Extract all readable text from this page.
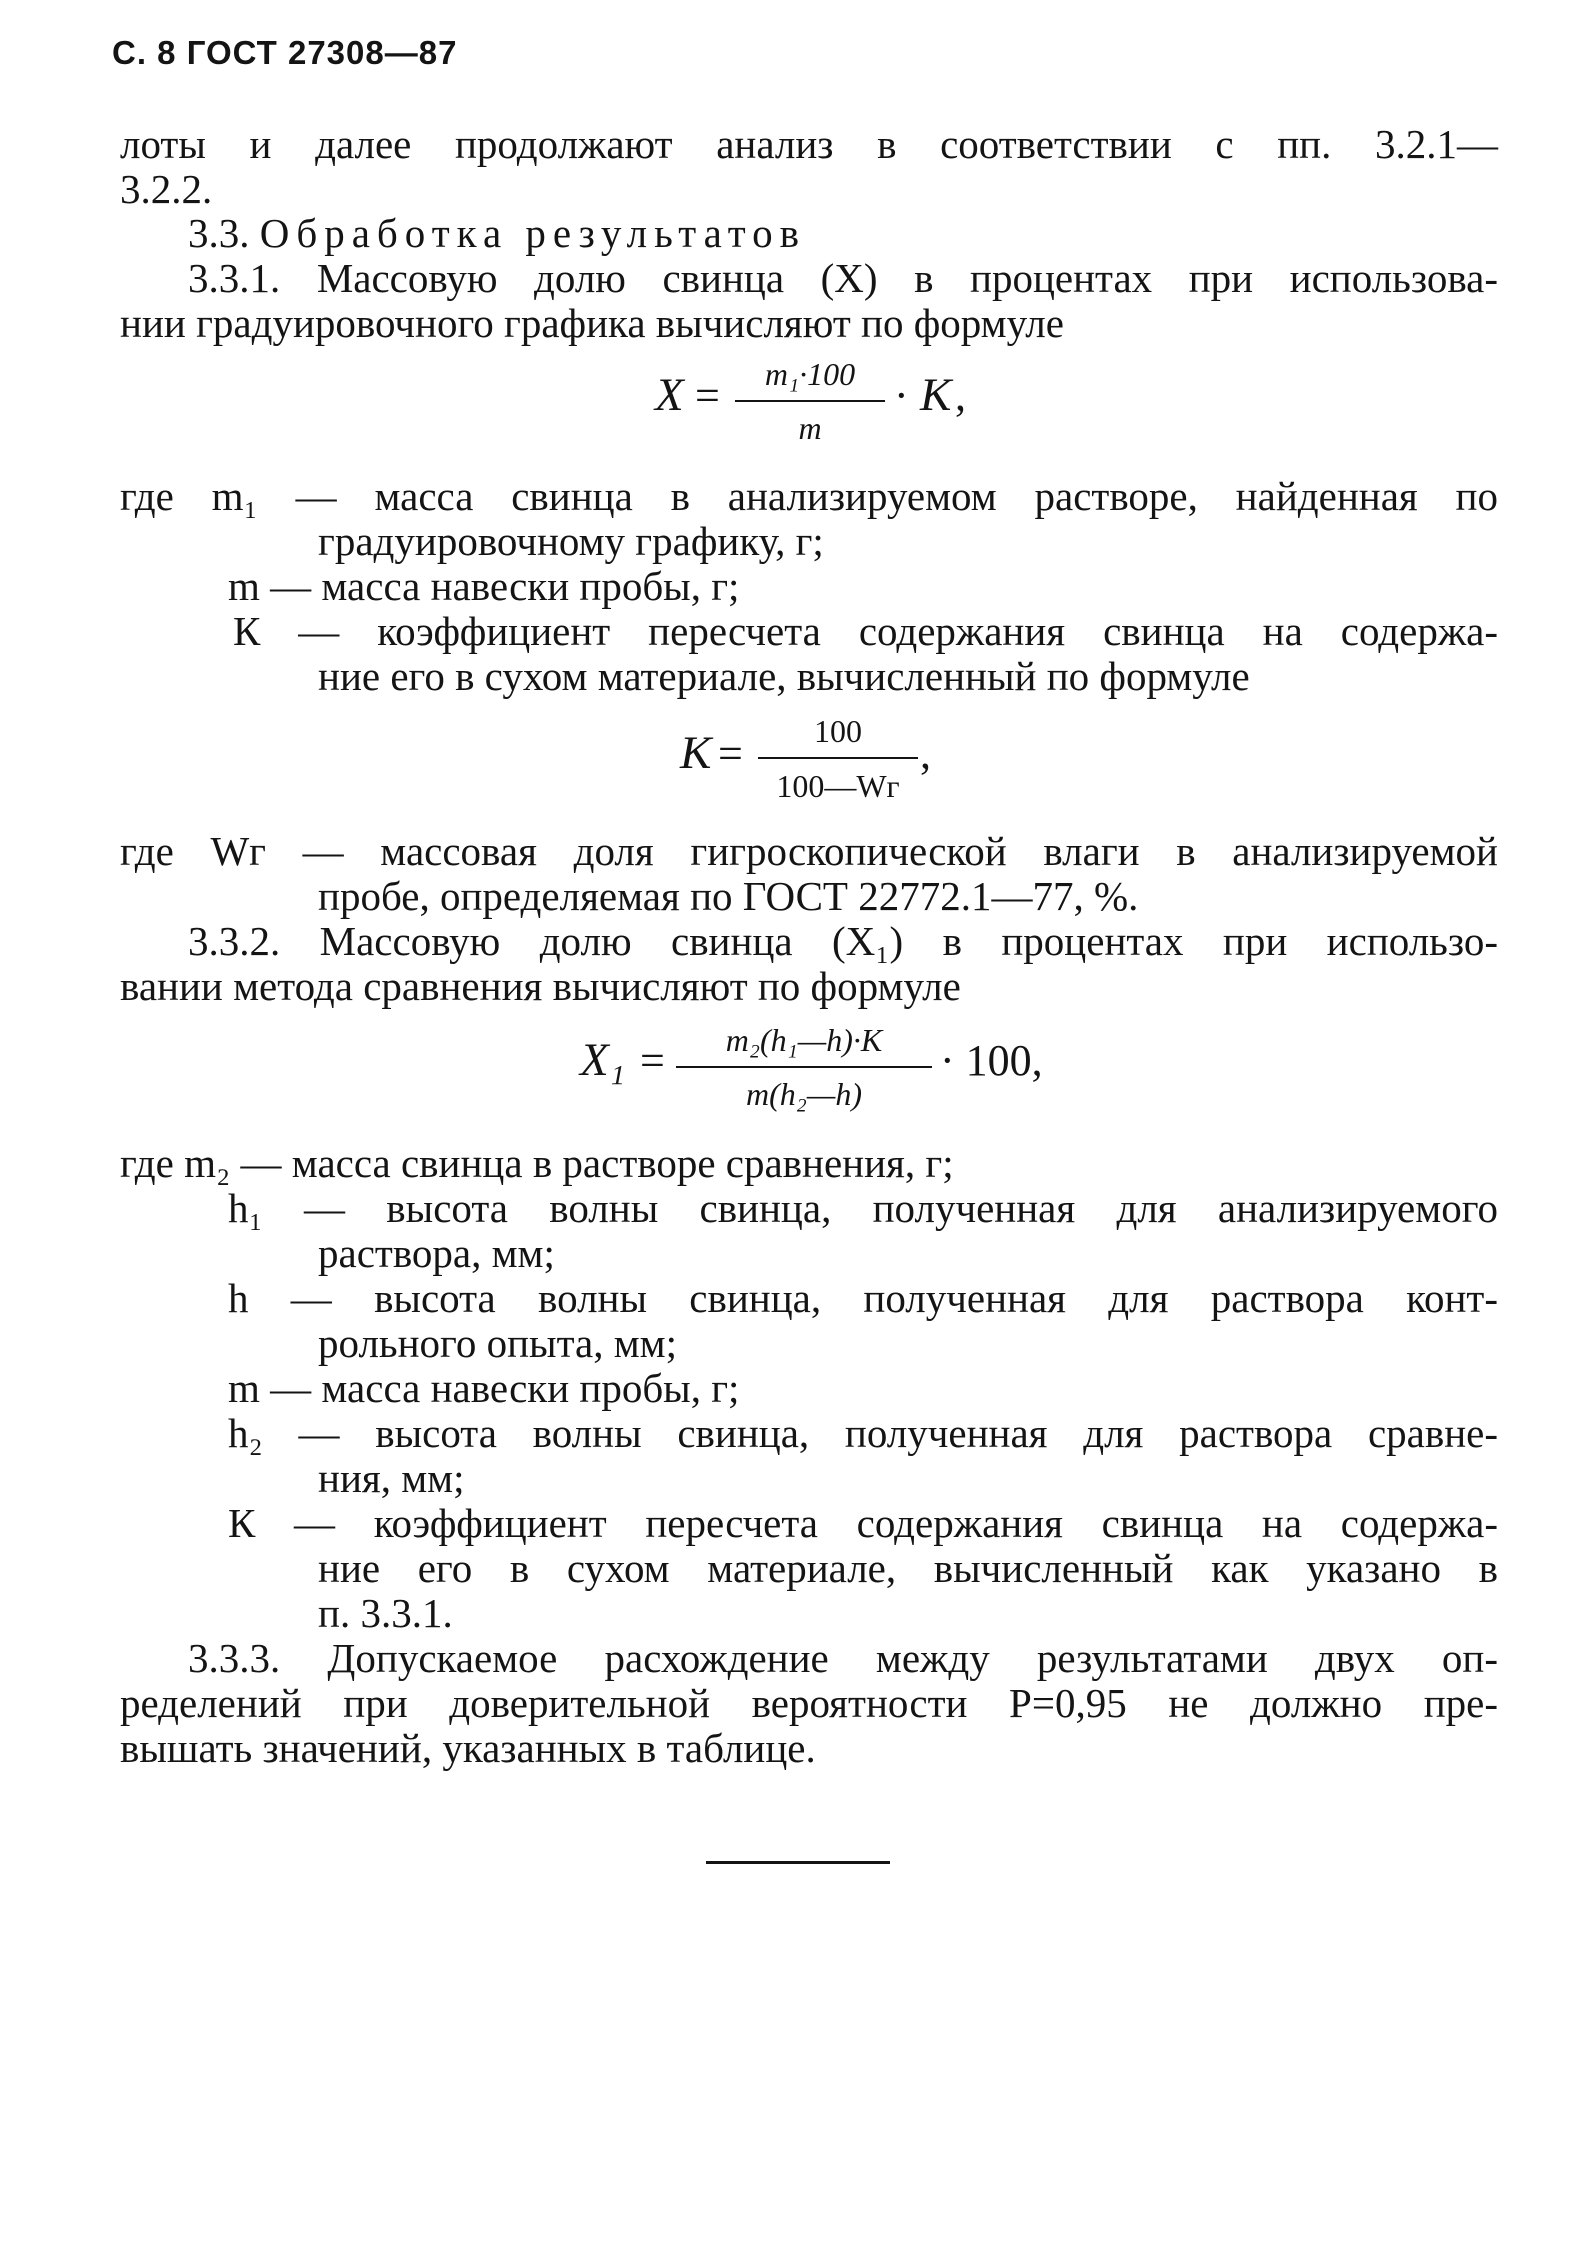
С. 8 ГОСТ 27308—87
лоты и далее продолжают анализ в соответствии с пп. 3.2.1—
3.2.2.
3.3. Обработка результатов
3.3.1. Массовую долю свинца (X) в процентах при использова-
нии градуировочного графика вычисляют по формуле
X =	m₁·100
m
· K ,
где m₁ — масса свинца в анализируемом растворе, найденная по
градуировочному графику, г;
m — масса навески пробы, г;
К — коэффициент пересчета содержания свинца на содержа-
ние его в сухом материале, вычисленный по формуле
K =	100
100—Wг
,
где Wг — массовая доля гигроскопической влаги в анализируемой
пробе, определяемая по ГОСТ 22772.1—77, %.
3.3.2. Массовую долю свинца (X₁) в процентах при использо-
вании метода сравнения вычисляют по формуле
X₁ =	m₂(h₁—h)·K
m(h₂—h)
· 100,
где m₂ — масса свинца в растворе сравнения, г;
h₁ — высота волны свинца, полученная для анализируемого
раствора, мм;
h — высота волны свинца, полученная для раствора конт-
рольного опыта, мм;
m — масса навески пробы, г;
h₂ — высота волны свинца, полученная для раствора сравне-
ния, мм;
К — коэффициент пересчета содержания свинца на содержа-
ние его в сухом материале, вычисленный как указано в
п. 3.3.1.
3.3.3. Допускаемое расхождение между результатами двух оп-
ределений при доверительной вероятности Р=0,95 не должно пре-
вышать значений, указанных в таблице.
